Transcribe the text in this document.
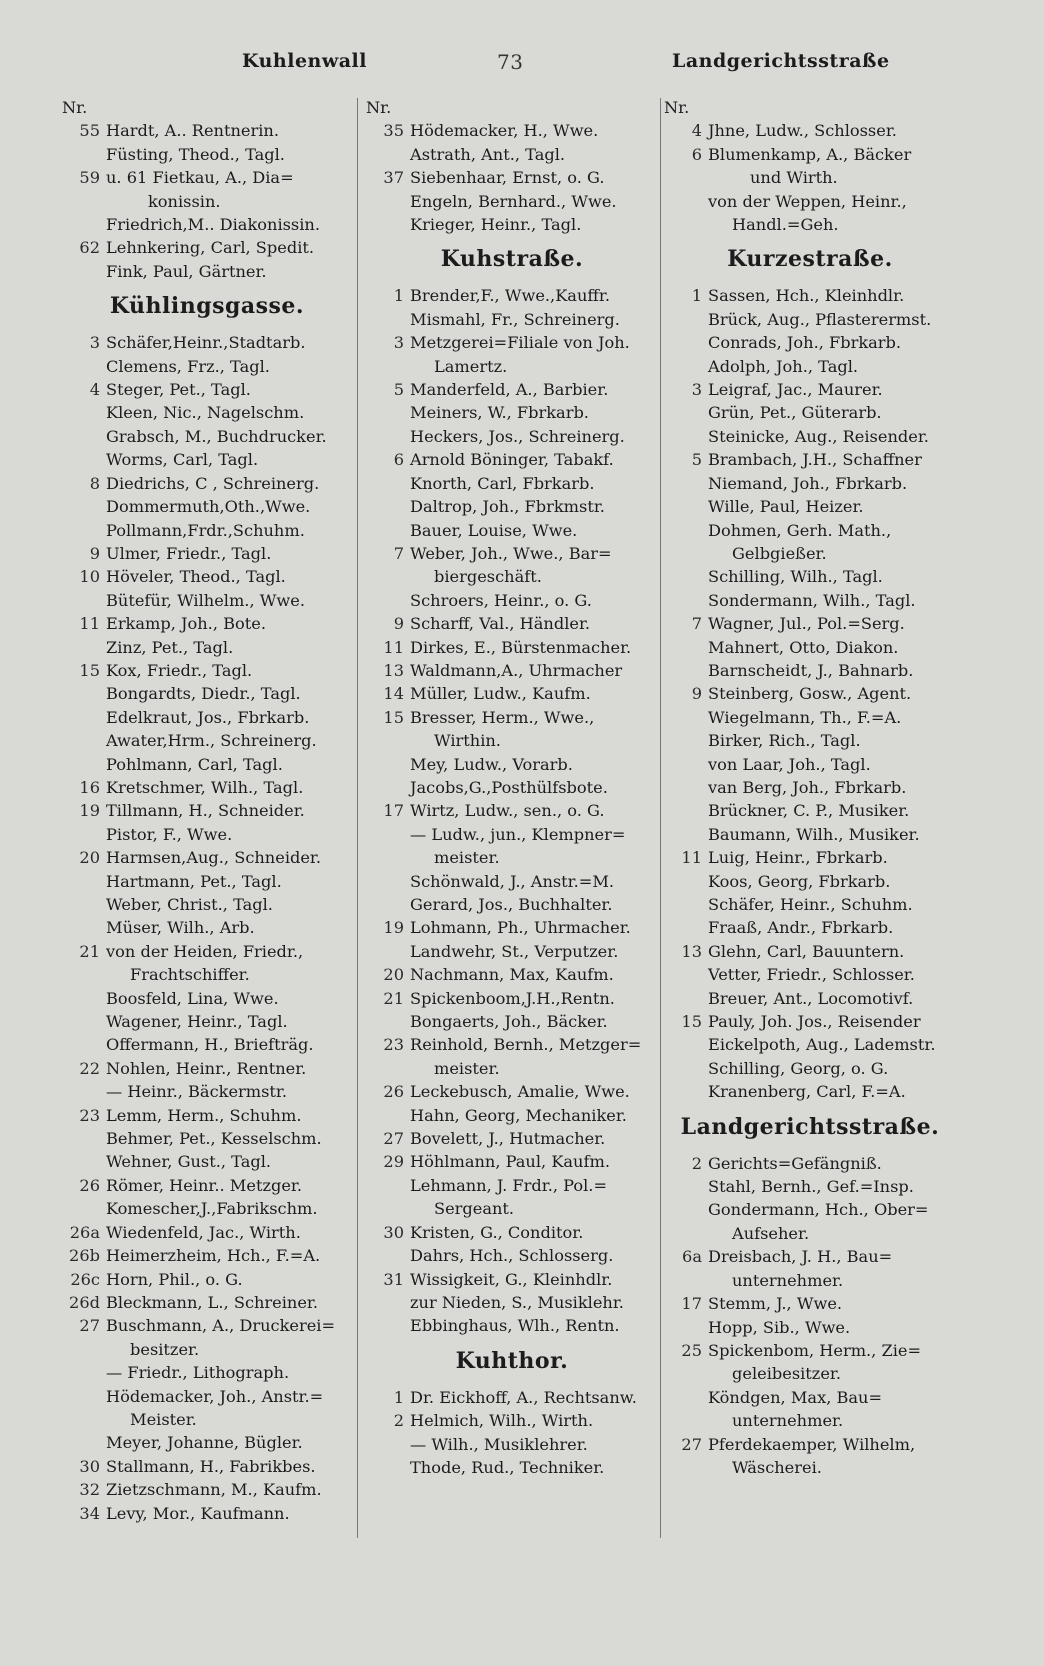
Kuhlenwall	73	Landgerichtsstraße
Nr.
55 Hardt, A.. Rentnerin.
Füsting, Theod., Tagl.
59 u. 61 Fietkau, A., Dia=
konissin.
Friedrich,M.. Diakonissin.
62 Lehnkering, Carl, Spedit.
Fink, Paul, Gärtner.
Kühlingsgasse.
3 Schäfer,Heinr.,Stadtarb.
Clemens, Frz., Tagl.
4 Steger, Pet., Tagl.
Kleen, Nic., Nagelschm.
Grabsch, M., Buchdrucker.
Worms, Carl, Tagl.
8 Diedrichs, C , Schreinerg.
Dommermuth,Oth.,Wwe.
Pollmann,Frdr.,Schuhm.
9 Ulmer, Friedr., Tagl.
10 Höveler, Theod., Tagl.
Bütefür, Wilhelm., Wwe.
11 Erkamp, Joh., Bote.
Zinz, Pet., Tagl.
15 Kox, Friedr., Tagl.
Bongardts, Diedr., Tagl.
Edelkraut, Jos., Fbrkarb.
Awater,Hrm., Schreinerg.
Pohlmann, Carl, Tagl.
16 Kretschmer, Wilh., Tagl.
19 Tillmann, H., Schneider.
Pistor, F., Wwe.
20 Harmsen,Aug., Schneider.
Hartmann, Pet., Tagl.
Weber, Christ., Tagl.
Müser, Wilh., Arb.
21 von der Heiden, Friedr.,
Frachtschiffer.
Boosfeld, Lina, Wwe.
Wagener, Heinr., Tagl.
Offermann, H., Briefträg.
22 Nohlen, Heinr., Rentner.
— Heinr., Bäckermstr.
23 Lemm, Herm., Schuhm.
Behmer, Pet., Kesselschm.
Wehner, Gust., Tagl.
26 Römer, Heinr.. Metzger.
Komescher,J.,Fabrikschm.
26a Wiedenfeld, Jac., Wirth.
26b Heimerzheim, Hch., F.=A.
26c Horn, Phil., o. G.
26d Bleckmann, L., Schreiner.
27 Buschmann, A., Druckerei=
besitzer.
— Friedr., Lithograph.
Hödemacker, Joh., Anstr.=
Meister.
Meyer, Johanne, Bügler.
30 Stallmann, H., Fabrikbes.
32 Zietzschmann, M., Kaufm.
34 Levy, Mor., Kaufmann.
Nr.
35 Hödemacker, H., Wwe.
Astrath, Ant., Tagl.
37 Siebenhaar, Ernst, o. G.
Engeln, Bernhard., Wwe.
Krieger, Heinr., Tagl.
Kuhstraße.
1 Brender,F., Wwe.,Kauffr.
Mismahl, Fr., Schreinerg.
3 Metzgerei=Filiale von Joh.
Lamertz.
5 Manderfeld, A., Barbier.
Meiners, W., Fbrkarb.
Heckers, Jos., Schreinerg.
6 Arnold Böninger, Tabakf.
Knorth, Carl, Fbrkarb.
Daltrop, Joh., Fbrkmstr.
Bauer, Louise, Wwe.
7 Weber, Joh., Wwe., Bar=
biergeschäft.
Schroers, Heinr., o. G.
9 Scharff, Val., Händler.
11 Dirkes, E., Bürstenmacher.
13 Waldmann,A., Uhrmacher
14 Müller, Ludw., Kaufm.
15 Bresser, Herm., Wwe.,
Wirthin.
Mey, Ludw., Vorarb.
Jacobs,G.,Posthülfsbote.
17 Wirtz, Ludw., sen., o. G.
— Ludw., jun., Klempner=
meister.
Schönwald, J., Anstr.=M.
Gerard, Jos., Buchhalter.
19 Lohmann, Ph., Uhrmacher.
Landwehr, St., Verputzer.
20 Nachmann, Max, Kaufm.
21 Spickenboom,J.H.,Rentn.
Bongaerts, Joh., Bäcker.
23 Reinhold, Bernh., Metzger=
meister.
26 Leckebusch, Amalie, Wwe.
Hahn, Georg, Mechaniker.
27 Bovelett, J., Hutmacher.
29 Höhlmann, Paul, Kaufm.
Lehmann, J. Frdr., Pol.=
Sergeant.
30 Kristen, G., Conditor.
Dahrs, Hch., Schlosserg.
31 Wissigkeit, G., Kleinhdlr.
zur Nieden, S., Musiklehr.
Ebbinghaus, Wlh., Rentn.
Kuhthor.
1 Dr. Eickhoff, A., Rechtsanw.
2 Helmich, Wilh., Wirth.
— Wilh., Musiklehrer.
Thode, Rud., Techniker.
Nr.
4 Jhne, Ludw., Schlosser.
6 Blumenkamp, A., Bäcker
und Wirth.
von der Weppen, Heinr.,
Handl.=Geh.
Kurzestraße.
1 Sassen, Hch., Kleinhdlr.
Brück, Aug., Pflasterermst.
Conrads, Joh., Fbrkarb.
Adolph, Joh., Tagl.
3 Leigraf, Jac., Maurer.
Grün, Pet., Güterarb.
Steinicke, Aug., Reisender.
5 Brambach, J.H., Schaffner
Niemand, Joh., Fbrkarb.
Wille, Paul, Heizer.
Dohmen, Gerh. Math.,
Gelbgießer.
Schilling, Wilh., Tagl.
Sondermann, Wilh., Tagl.
7 Wagner, Jul., Pol.=Serg.
Mahnert, Otto, Diakon.
Barnscheidt, J., Bahnarb.
9 Steinberg, Gosw., Agent.
Wiegelmann, Th., F.=A.
Birker, Rich., Tagl.
von Laar, Joh., Tagl.
van Berg, Joh., Fbrkarb.
Brückner, C. P., Musiker.
Baumann, Wilh., Musiker.
11 Luig, Heinr., Fbrkarb.
Koos, Georg, Fbrkarb.
Schäfer, Heinr., Schuhm.
Fraaß, Andr., Fbrkarb.
13 Glehn, Carl, Bauuntern.
Vetter, Friedr., Schlosser.
Breuer, Ant., Locomotivf.
15 Pauly, Joh. Jos., Reisender
Eickelpoth, Aug., Lademstr.
Schilling, Georg, o. G.
Kranenberg, Carl, F.=A.
Landgerichtsstraße.
2 Gerichts=Gefängniß.
Stahl, Bernh., Gef.=Insp.
Gondermann, Hch., Ober=
Aufseher.
6a Dreisbach, J. H., Bau=
unternehmer.
17 Stemm, J., Wwe.
Hopp, Sib., Wwe.
25 Spickenbom, Herm., Zie=
geleibesitzer.
Köndgen, Max, Bau=
unternehmer.
27 Pferdekaemper, Wilhelm,
Wäscherei.
